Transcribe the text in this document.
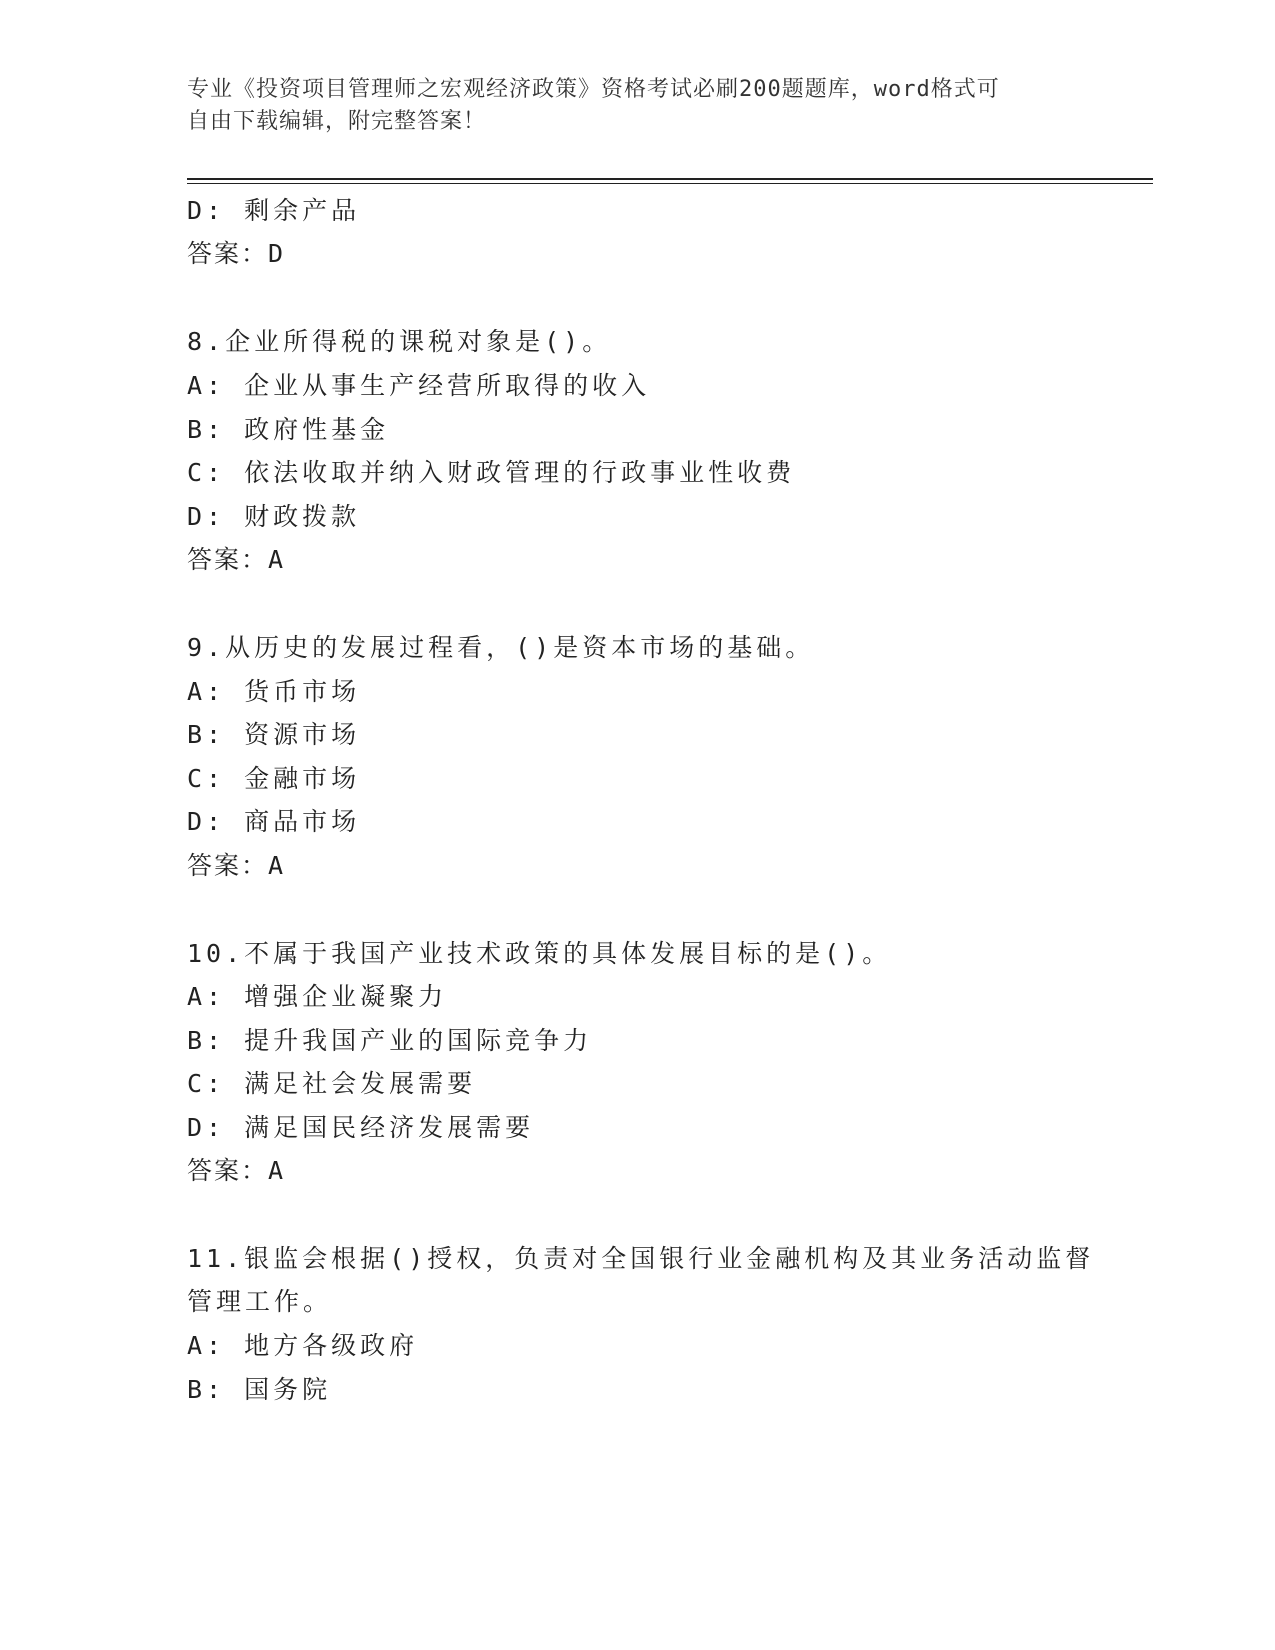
专业《投资项目管理师之宏观经济政策》资格考试必刷200题题库，word格式可
自由下载编辑，附完整答案！
D: 剩余产品
答案：D
8.企业所得税的课税对象是()。
A: 企业从事生产经营所取得的收入
B: 政府性基金
C: 依法收取并纳入财政管理的行政事业性收费
D: 财政拨款
答案：A
9.从历史的发展过程看，()是资本市场的基础。
A: 货币市场
B: 资源市场
C: 金融市场
D: 商品市场
答案：A
10.不属于我国产业技术政策的具体发展目标的是()。
A: 增强企业凝聚力
B: 提升我国产业的国际竞争力
C: 满足社会发展需要
D: 满足国民经济发展需要
答案：A
11.银监会根据()授权，负责对全国银行业金融机构及其业务活动监督
管理工作。
A: 地方各级政府
B: 国务院
